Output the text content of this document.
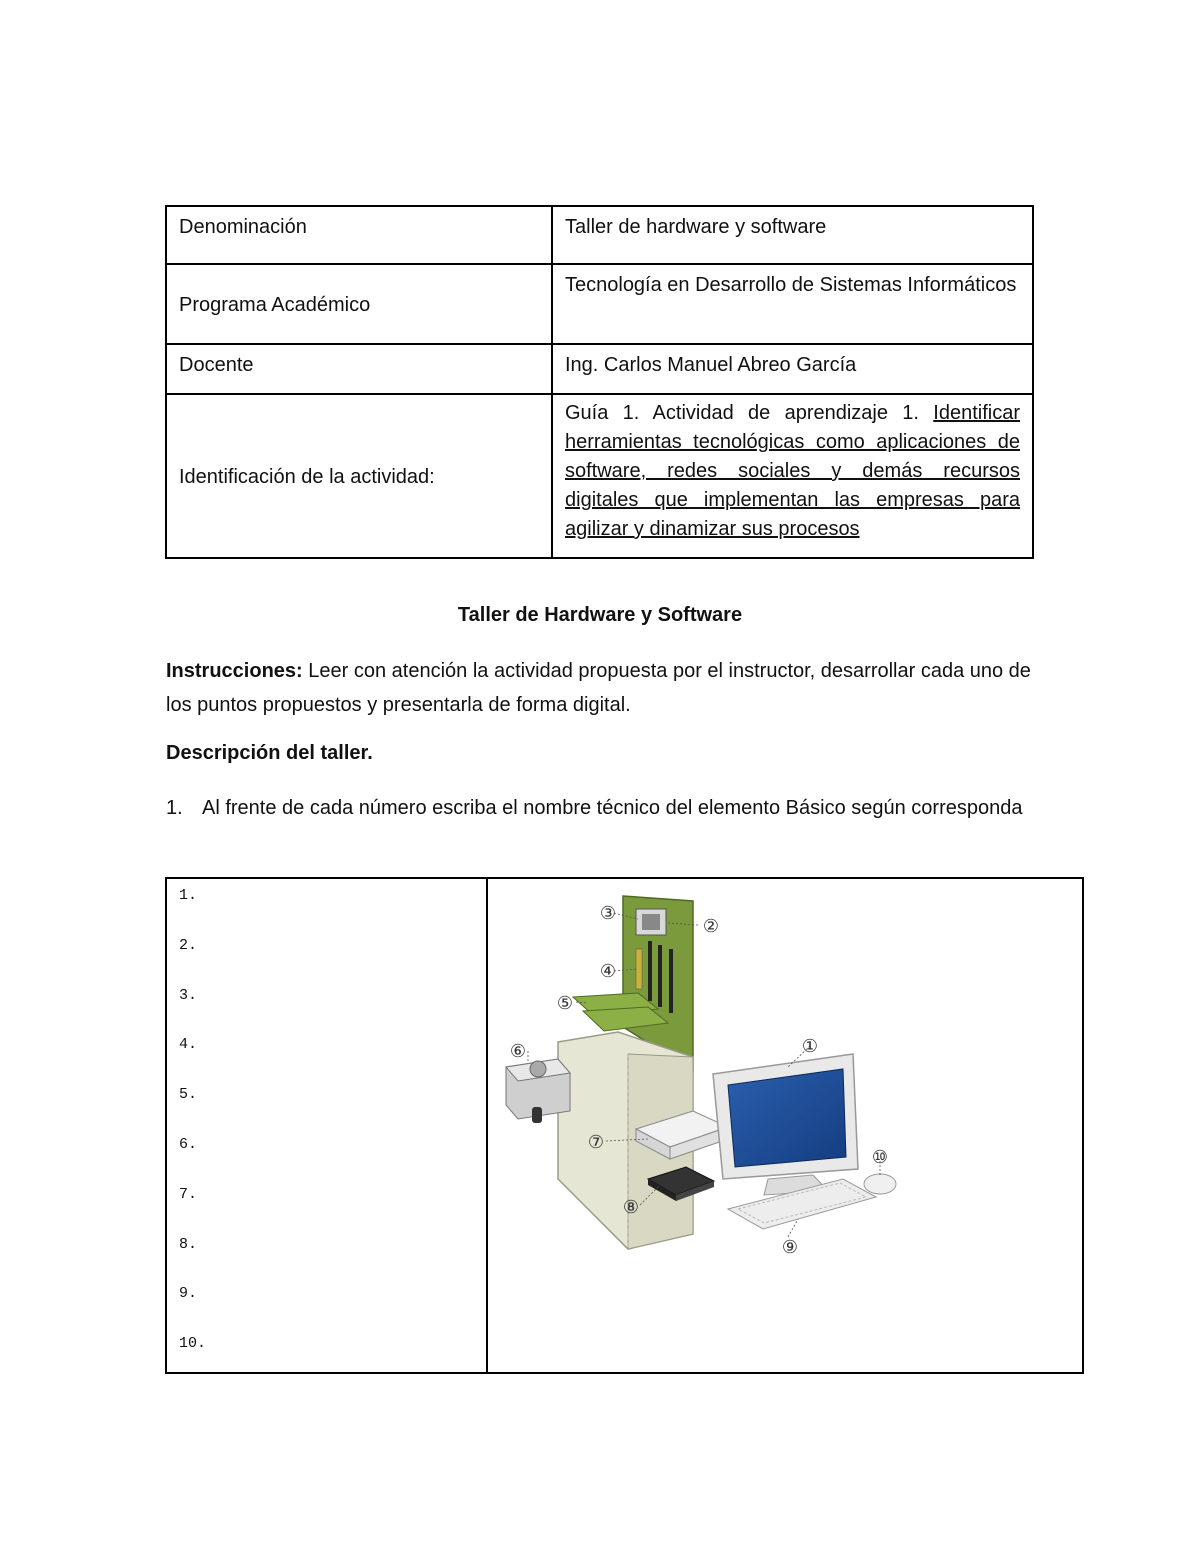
Denominación	Taller de hardware y software
Programa Académico	Tecnología en Desarrollo de Sistemas Informáticos
Docente	Ing. Carlos Manuel Abreo García
Identificación de la actividad:	Guía 1. Actividad de aprendizaje 1. Identificar herramientas tecnológicas como aplicaciones de software, redes sociales y demás recursos digitales que implementan las empresas para agilizar y dinamizar sus procesos
Taller de Hardware y Software
Instrucciones: Leer con atención la actividad propuesta por el instructor, desarrollar cada uno de los puntos propuestos y presentarla de forma digital.
Descripción del taller.
1. Al frente de cada número escriba el nombre técnico del elemento Básico según corresponda
1.
2.
3.
4.
5.
6.
7.
8.
9.
10.
①
②
③
④
⑤
⑥
⑦
⑧
⑨
⑩
